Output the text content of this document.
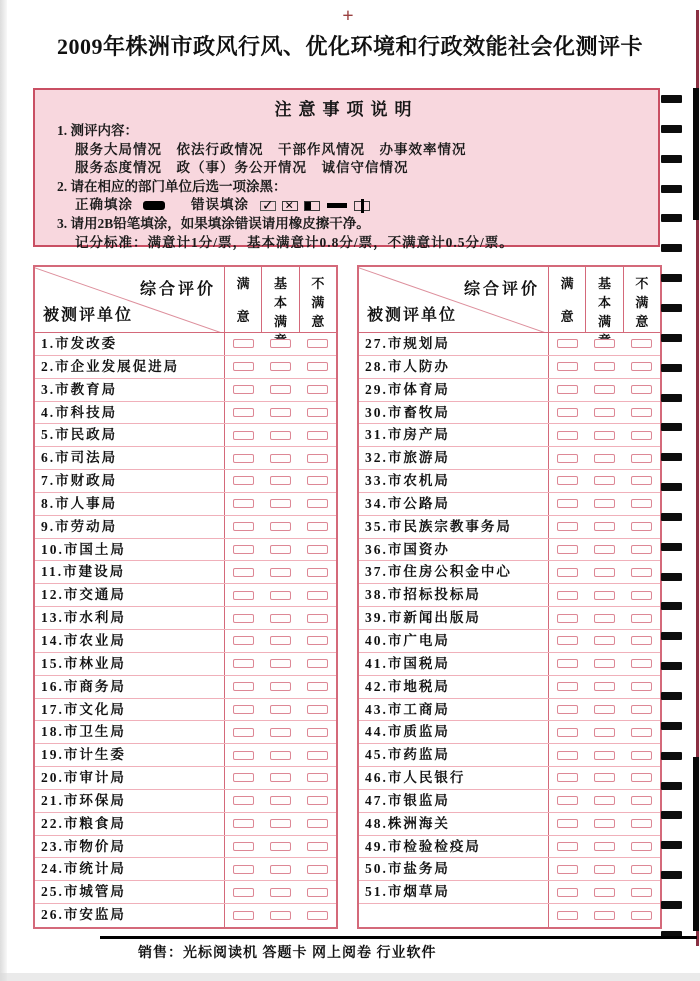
+
2009年株洲市政风行风、优化环境和行政效能社会化测评卡
注意事项说明
1. 测评内容：
服务大局情况　依法行政情况　干部作风情况　办事效率情况
服务态度情况　政（事）务公开情况　诚信守信情况
2. 请在相应的部门单位后选一项涂黑：
正确填涂	错误填涂
✓
×
3. 请用2B铅笔填涂，如果填涂错误请用橡皮擦干净。
记分标准：满意计1分/票，基本满意计0.8分/票，不满意计0.5分/票。
综合评价
被测评单位
满
意
基
本
满
不
满
意
1.市发改委
2.市企业发展促进局
3.市教育局
4.市科技局
5.市民政局
6.市司法局
7.市财政局
8.市人事局
9.市劳动局
10.市国土局
11.市建设局
12.市交通局
13.市水利局
14.市农业局
15.市林业局
16.市商务局
17.市文化局
18.市卫生局
19.市计生委
20.市审计局
21.市环保局
22.市粮食局
23.市物价局
24.市统计局
25.市城管局
26.市安监局
综合评价
被测评单位
满
意
基
本
满
不
满
意
27.市规划局
28.市人防办
29.市体育局
30.市畜牧局
31.市房产局
32.市旅游局
33.市农机局
34.市公路局
35.市民族宗教事务局
36.市国资办
37.市住房公积金中心
38.市招标投标局
39.市新闻出版局
40.市广电局
41.市国税局
42.市地税局
43.市工商局
44.市质监局
45.市药监局
46.市人民银行
47.市银监局
48.株洲海关
49.市检验检疫局
50.市盐务局
51.市烟草局
销售：光标阅读机 答题卡 网上阅卷 行业软件
